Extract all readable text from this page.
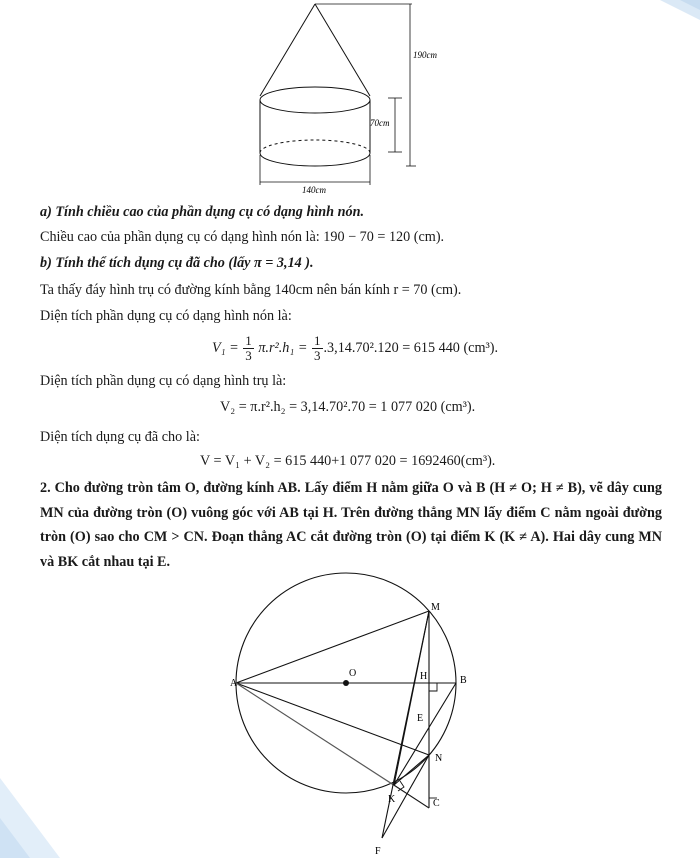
190cm
70cm
140cm
a) Tính chiều cao của phần dụng cụ có dạng hình nón.
Chiều cao của phần dụng cụ có dạng hình nón là: 190 − 70 = 120 (cm).
b) Tính thể tích dụng cụ đã cho (lấy π = 3,14 ).
Ta thấy đáy hình trụ có đường kính bằng 140cm nên bán kính r = 70 (cm).
Diện tích phần dụng cụ có dạng hình nón là:
$V_1 = \frac{1}{3} \pi.r^2.h_1 = \frac{1}{3} .3,14.70^2.120 = 615$ 440 (cm³).
Diện tích phần dụng cụ có dạng hình trụ là:
V₂ = π.r².h₂ = 3,14.70².70 = 1 077 020 (cm³).
Diện tích dụng cụ đã cho là:
V = V₁ + V₂ = 615 440+1 077 020 = 1692460(cm³).
2. Cho đường tròn tâm O, đường kính AB. Lấy điểm H nằm giữa O và B (H ≠ O; H ≠ B), vẽ dây cung MN của đường tròn (O) vuông góc với AB tại H. Trên đường thẳng MN lấy điểm C nằm ngoài đường tròn (O) sao cho CM > CN. Đoạn thẳng AC cắt đường tròn (O) tại điểm K (K ≠ A). Hai dây cung MN và BK cắt nhau tại E.
A	B
O	H
M
N
E
K	C
F
